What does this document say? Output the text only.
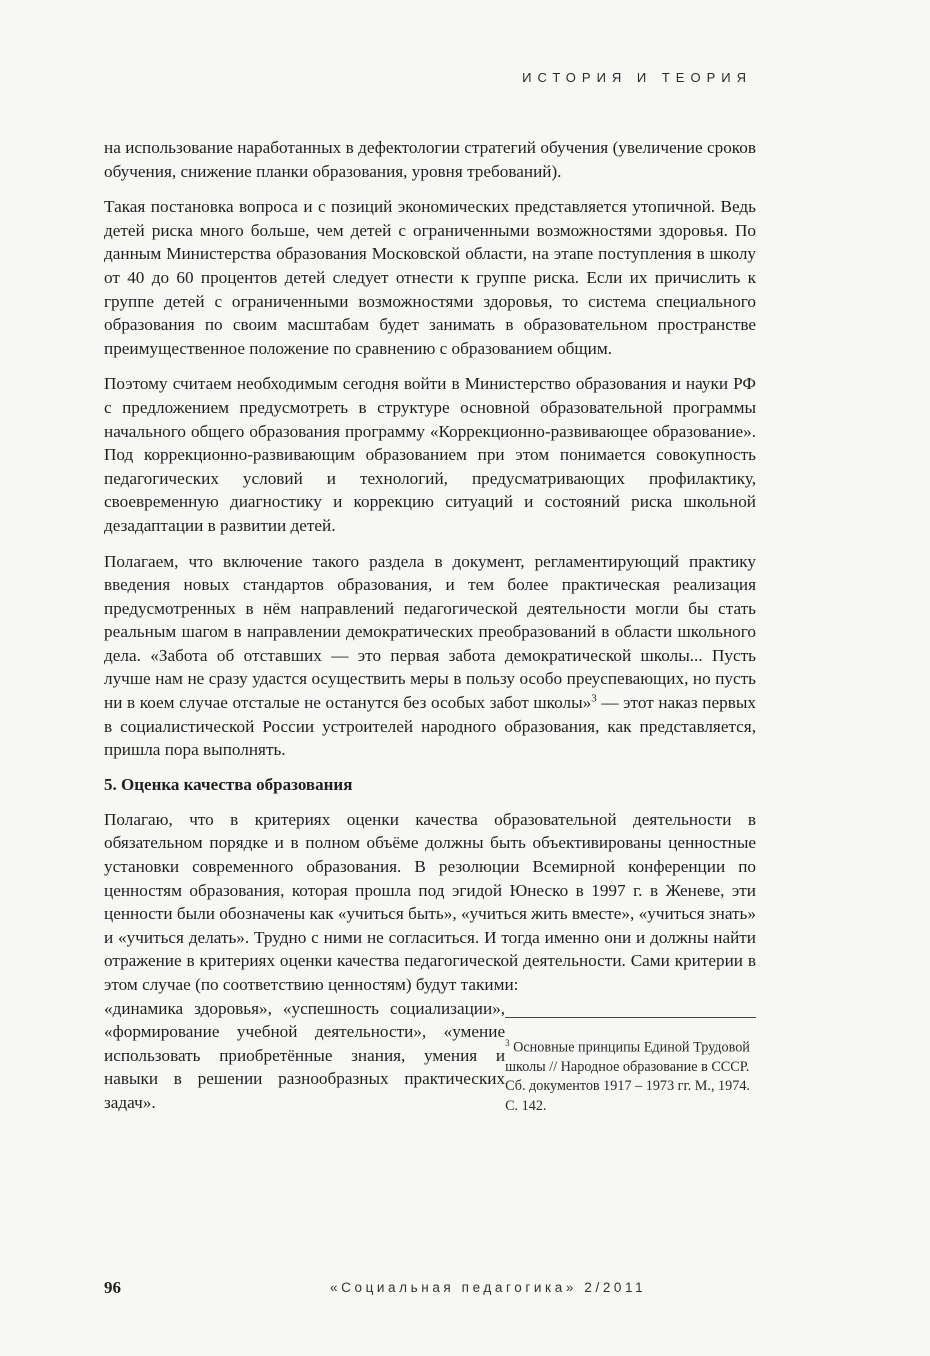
ИСТОРИЯ И ТЕОРИЯ

на использование наработанных в дефектологии стратегий обучения (увеличение сроков обучения, снижение планки образования, уровня требований).

Такая постановка вопроса и с позиций экономических представляется утопичной. Ведь детей риска много больше, чем детей с ограниченными возможностями здоровья. По данным Министерства образования Московской области, на этапе поступления в школу от 40 до 60 процентов детей следует отнести к группе риска. Если их причислить к группе детей с ограниченными возможностями здоровья, то система специального образования по своим масштабам будет занимать в образовательном пространстве преимущественное положение по сравнению с образованием общим.

Поэтому считаем необходимым сегодня войти в Министерство образования и науки РФ с предложением предусмотреть в структуре основной образовательной программы начального общего образования программу «Коррекционно-развивающее образование». Под коррекционно-развивающим образованием при этом понимается совокупность педагогических условий и технологий, предусматривающих профилактику, своевременную диагностику и коррекцию ситуаций и состояний риска школьной дезадаптации в развитии детей.

Полагаем, что включение такого раздела в документ, регламентирующий практику введения новых стандартов образования, и тем более практическая реализация предусмотренных в нём направлений педагогической деятельности могли бы стать реальным шагом в направлении демократических преобразований в области школьного дела. «Забота об отставших — это первая забота демократической школы... Пусть лучше нам не сразу удастся осуществить меры в пользу особо преуспевающих, но пусть ни в коем случае отсталые не останутся без особых забот школы»$^3$ — этот наказ первых в социалистической России устроителей народного образования, как представляется, пришла пора выполнять.

5. Оценка качества образования

Полагаю, что в критериях оценки качества образовательной деятельности в обязательном порядке и в полном объёме должны быть объективированы ценностные установки современного образования. В резолюции Всемирной конференции по ценностям образования, которая прошла под эгидой Юнеско в 1997 г. в Женеве, эти ценности были обозначены как «учиться быть», «учиться жить вместе», «учиться знать» и «учиться делать». Трудно с ними не согласиться. И тогда именно они и должны найти отражение в критериях оценки качества педагогической деятельности. Сами критерии в этом случае (по соответствию ценностям) будут такими:

«динамика здоровья», «успешность социализации», «формирование учебной деятельности», «умение использовать приобретённые знания, умения и навыки в решении разнообразных практических задач».

$^3$ Основные принципы Единой Трудовой школы // Народное образование в СССР. Сб. документов 1917 – 1973 гг. М., 1974. С. 142.
96	«Социальная педагогика» 2/2011
